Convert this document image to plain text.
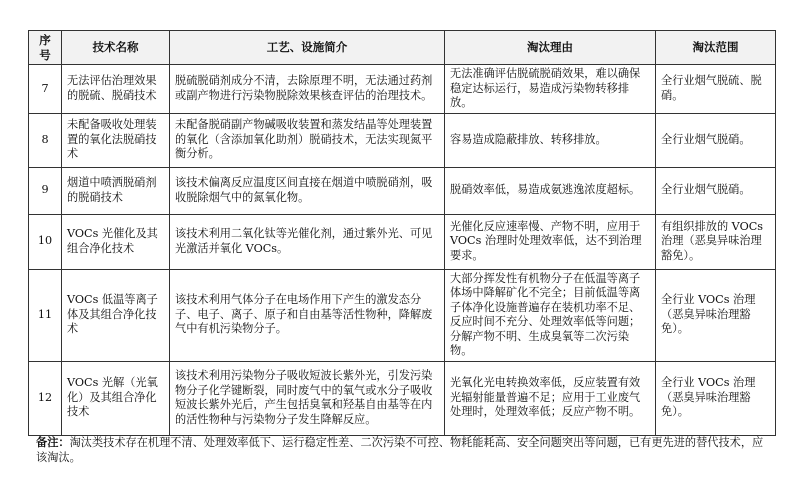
序号	技术名称	工艺、设施简介	淘汰理由	淘汰范围
7	无法评估治理效果的脱硫、脱硝技术	脱硫脱硝剂成分不清，去除原理不明，无法通过药剂或副产物进行污染物脱除效果核查评估的治理技术。	无法准确评估脱硫脱硝效果，难以确保稳定达标运行，易造成污染物转移排放。	全行业烟气脱硫、脱硝。
8	未配备吸收处理装置的氧化法脱硝技术	未配备脱硝副产物碱吸收装置和蒸发结晶等处理装置的氧化（含添加氧化助剂）脱硝技术，无法实现氮平衡分析。	容易造成隐蔽排放、转移排放。	全行业烟气脱硝。
9	烟道中喷洒脱硝剂的脱硝技术	该技术偏离反应温度区间直接在烟道中喷脱硝剂，吸收脱除烟气中的氮氧化物。	脱硝效率低，易造成氨逃逸浓度超标。	全行业烟气脱硝。
10	VOCs 光催化及其组合净化技术	该技术利用二氧化钛等光催化剂，通过紫外光、可见光激活并氧化 VOCs。	光催化反应速率慢、产物不明，应用于 VOCs 治理时处理效率低，达不到治理要求。	有组织排放的 VOCs 治理（恶臭异味治理豁免）。
11	VOCs 低温等离子体及其组合净化技术	该技术利用气体分子在电场作用下产生的激发态分子、电子、离子、原子和自由基等活性物种，降解废气中有机污染物分子。	大部分挥发性有机物分子在低温等离子体场中降解矿化不完全；目前低温等离子体净化设施普遍存在装机功率不足、反应时间不充分、处理效率低等问题；分解产物不明、生成臭氧等二次污染物。	全行业 VOCs 治理（恶臭异味治理豁免）。
12	VOCs 光解（光氧化）及其组合净化技术	该技术利用污染物分子吸收短波长紫外光，引发污染物分子化学键断裂，同时废气中的氧气或水分子吸收短波长紫外光后，产生包括臭氧和羟基自由基等在内的活性物种与污染物分子发生降解反应。	光氧化光电转换效率低，反应装置有效光辐射能量普遍不足；应用于工业废气处理时，处理效率低；反应产物不明。	全行业 VOCs 治理（恶臭异味治理豁免）。
备注：淘汰类技术存在机理不清、处理效率低下、运行稳定性差、二次污染不可控、物耗能耗高、安全问题突出等问题，已有更先进的替代技术，应该淘汰。
